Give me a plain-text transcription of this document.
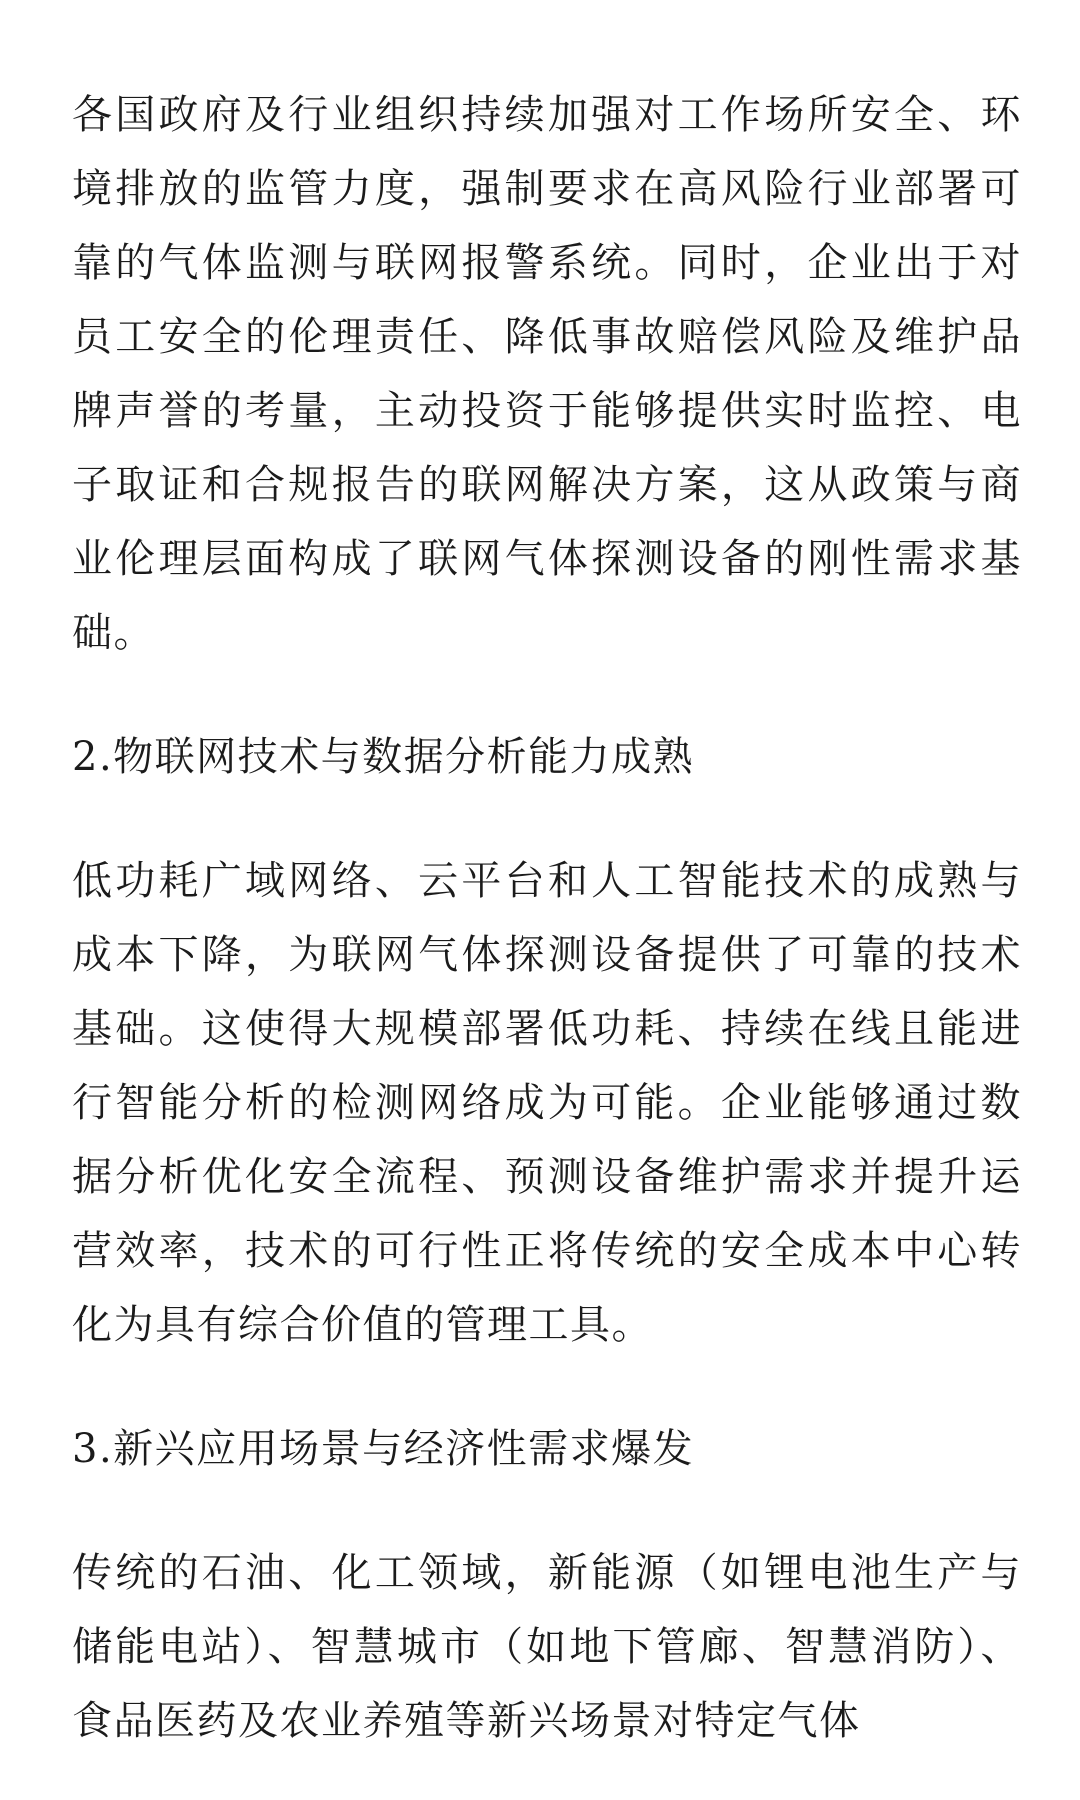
各国政府及行业组织持续加强对工作场所安全、环境排放的监管力度，强制要求在高风险行业部署可靠的气体监测与联网报警系统。同时，企业出于对员工安全的伦理责任、降低事故赔偿风险及维护品牌声誉的考量，主动投资于能够提供实时监控、电子取证和合规报告的联网解决方案，这从政策与商业伦理层面构成了联网气体探测设备的刚性需求基础。

2.物联网技术与数据分析能力成熟

低功耗广域网络、云平台和人工智能技术的成熟与成本下降，为联网气体探测设备提供了可靠的技术基础。这使得大规模部署低功耗、持续在线且能进行智能分析的检测网络成为可能。企业能够通过数据分析优化安全流程、预测设备维护需求并提升运营效率，技术的可行性正将传统的安全成本中心转化为具有综合价值的管理工具。

3.新兴应用场景与经济性需求爆发

传统的石油、化工领域，新能源（如锂电池生产与储能电站）、智慧城市（如地下管廊、智慧消防）、食品医药及农业养殖等新兴场景对特定气体
